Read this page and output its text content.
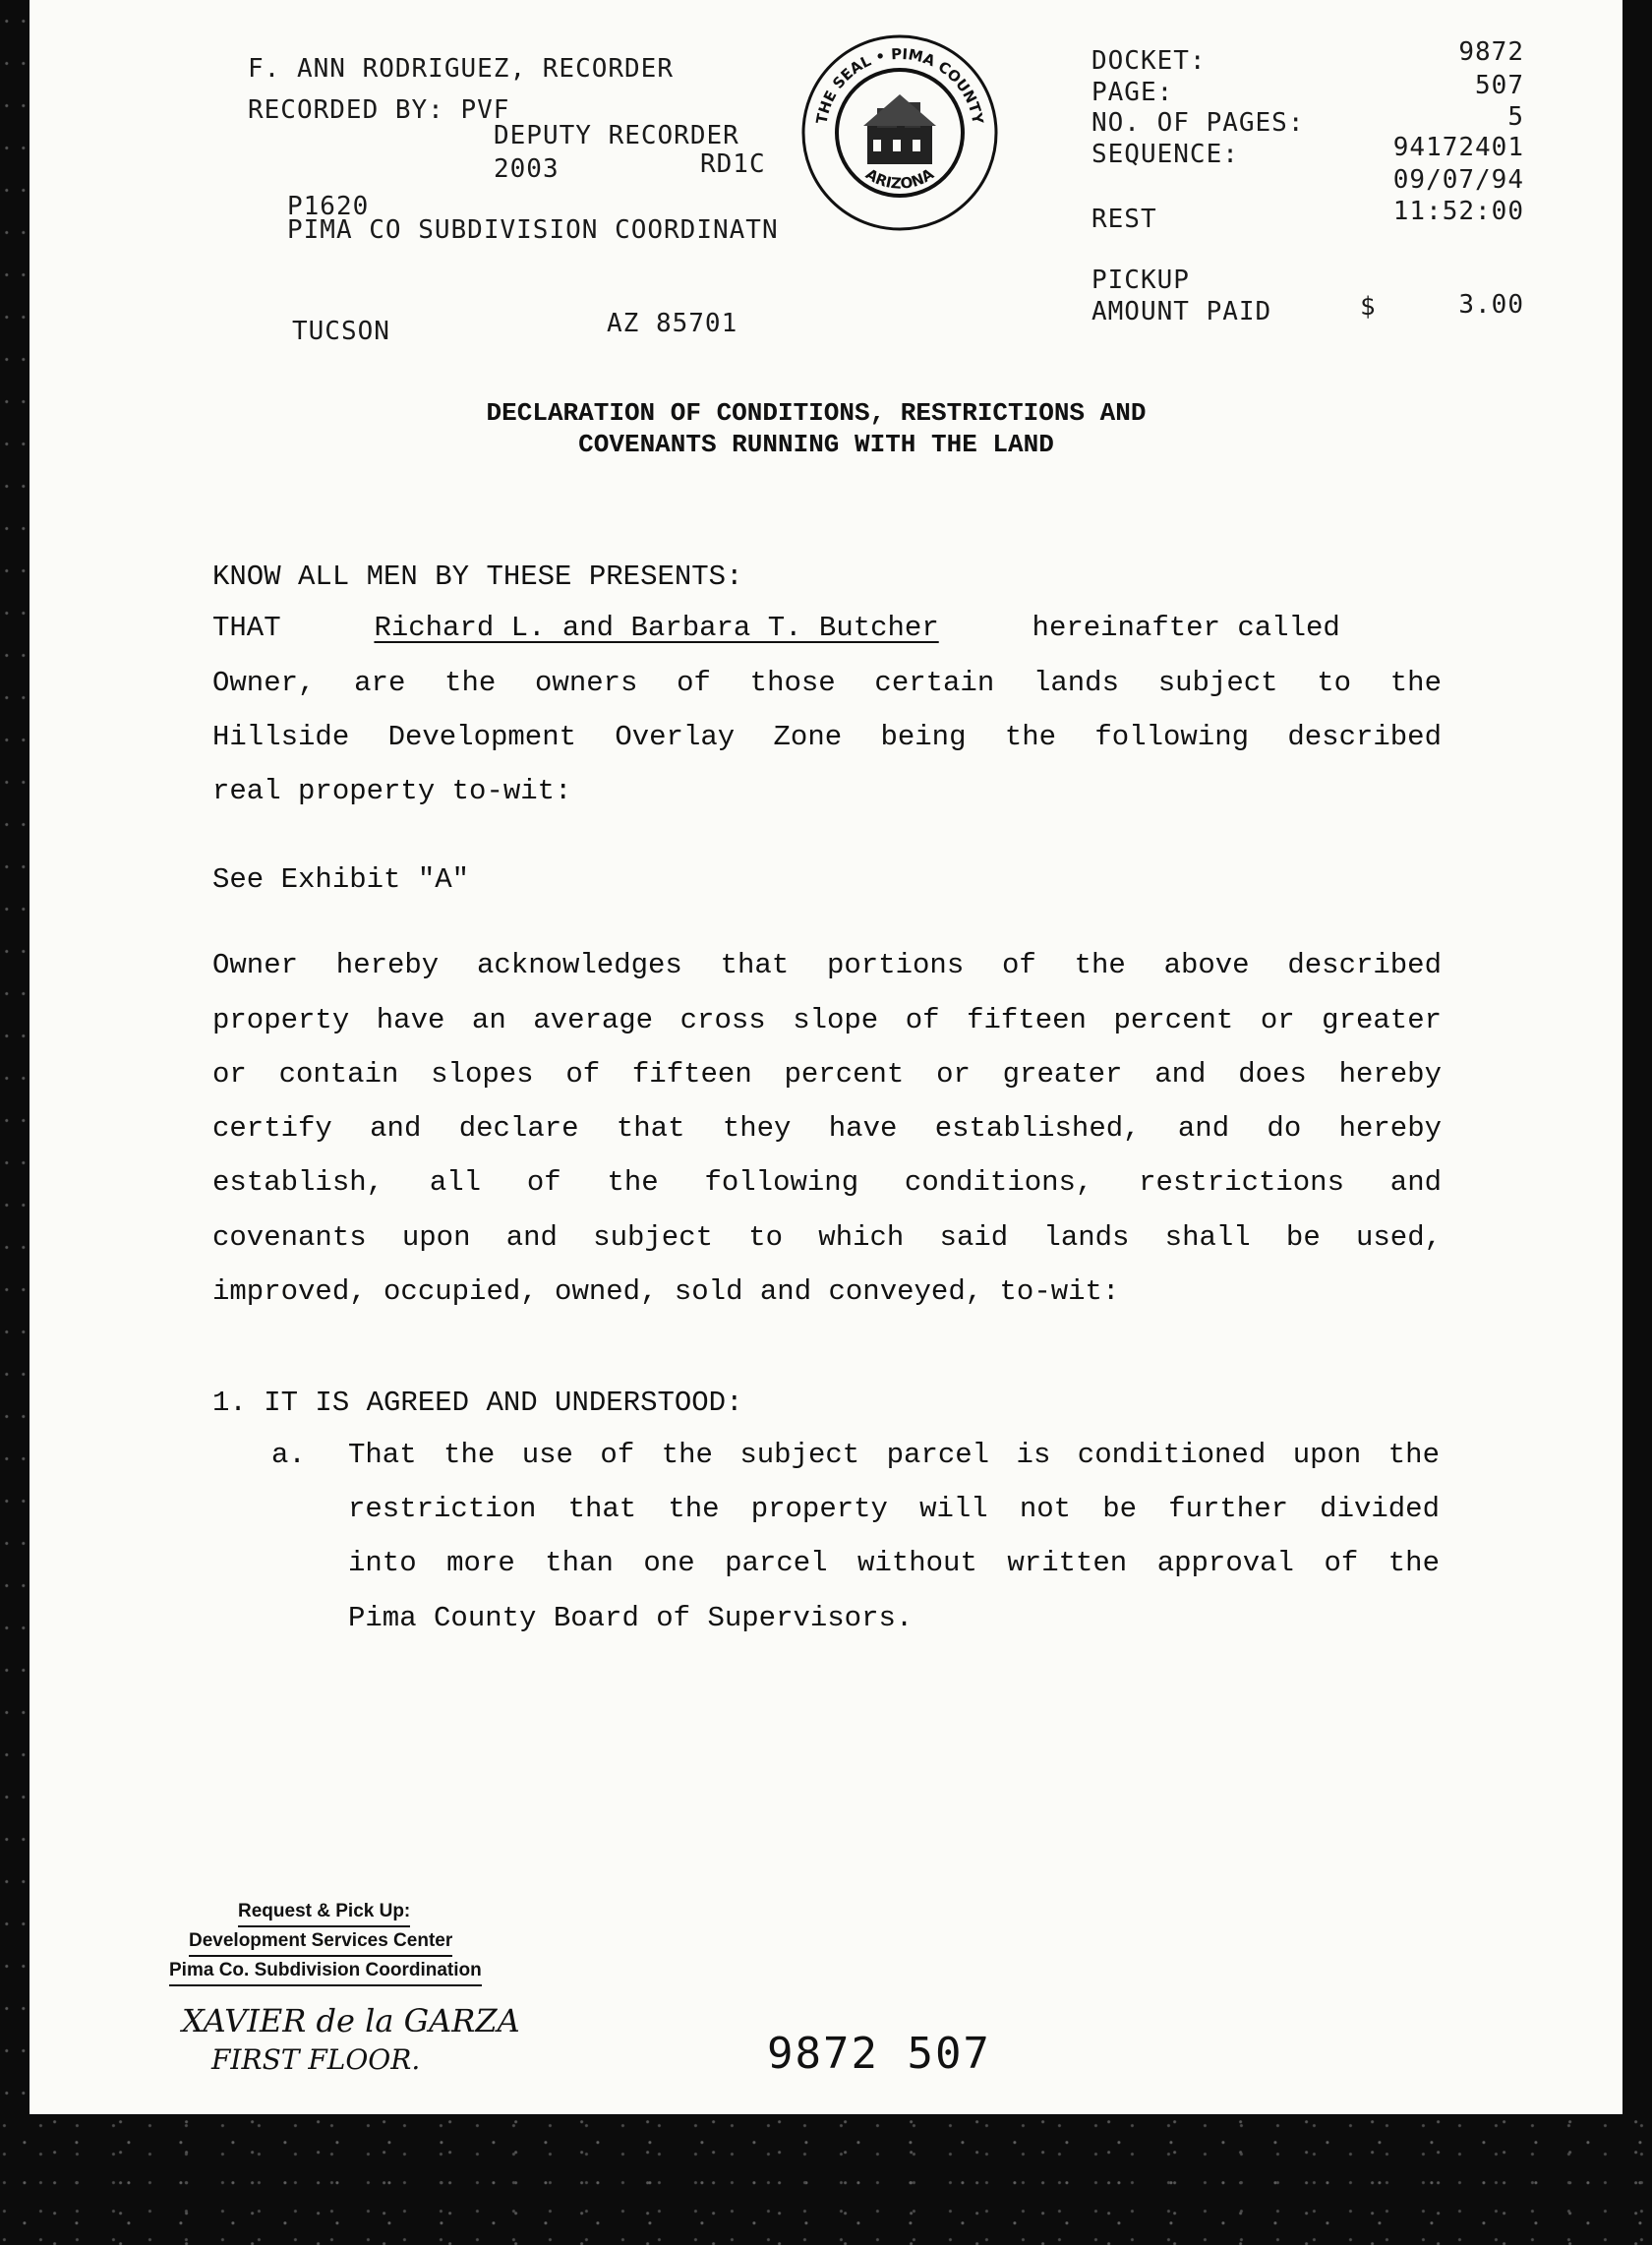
F. ANN RODRIGUEZ, RECORDER
RECORDED BY: PVF
DEPUTY RECORDER
2003	RD1C
P1620
PIMA CO SUBDIVISION COORDINATN
TUCSON	AZ 85701
THE SEAL • PIMA COUNTY
ARIZONA
DOCKET:	9872
PAGE:	507
NO. OF PAGES:	5
SEQUENCE:	94172401
09/07/94
REST	11:52:00
PICKUP
AMOUNT PAID	$	3.00
DECLARATION OF CONDITIONS, RESTRICTIONS AND
COVENANTS RUNNING WITH THE LAND
KNOW ALL MEN BY THESE PRESENTS:
THAT	Richard L. and Barbara T. Butcher	hereinafter called
Owner, are the owners of those certain lands subject to the
Hillside Development Overlay Zone being the following described
real property to-wit:
See Exhibit "A"
Owner hereby acknowledges that portions of the above described
property have an average cross slope of fifteen percent or greater
or contain slopes of fifteen percent or greater and does hereby
certify and declare that they have established, and do hereby
establish, all of the following conditions, restrictions and
covenants upon and subject to which said lands shall be used,
improved, occupied, owned, sold and conveyed, to-wit:
1. IT IS AGREED AND UNDERSTOOD:
a.	That the use of the subject parcel is conditioned upon the
restriction that the property will not be further divided
into more than one parcel without written approval of the
Pima County Board of Supervisors.
Request & Pick Up:
Development Services Center
Pima Co. Subdivision Coordination
XAVIER de la GARZA
FIRST FLOOR.	9872 507
